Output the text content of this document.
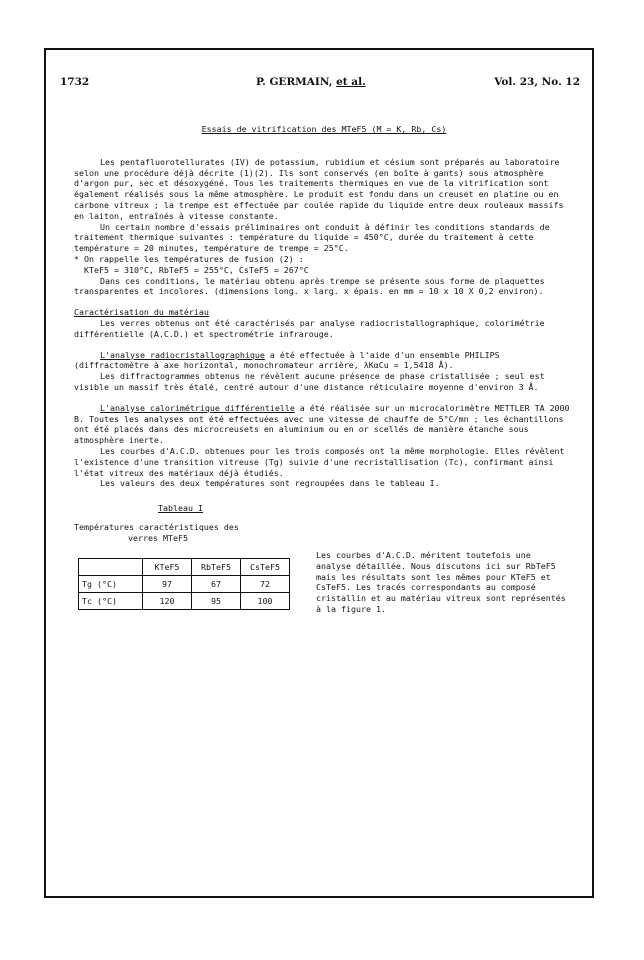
1732	P. GERMAIN, et al.	Vol. 23, No. 12

Essais de vitrification des MTeF5 (M = K, Rb, Cs)

Les pentafluorotellurates (IV) de potassium, rubidium et césium sont préparés au laboratoire selon une procédure déjà décrite (1)(2). Ils sont conservés (en boîte à gants) sous atmosphère d'argon pur, sec et désoxygéné. Tous les traitements thermiques en vue de la vitrification sont également réalisés sous la même atmosphère. Le produit est fondu dans un creuset en platine ou en carbone vitreux ; la trempe est effectuée par coulée rapide du liquide entre deux rouleaux massifs en laiton, entraînés à vitesse constante.

Un certain nombre d'essais préliminaires ont conduit à définir les conditions standards de traitement thermique suivantes : température du liquide = 450°C, durée du traitement à cette température = 20 minutes, température de trempe = 25°C.

* On rappelle les températures de fusion (2) :

KTeF5 = 310°C, RbTeF5 = 255°C, CsTeF5 = 267°C

Dans ces conditions, le matériau obtenu après trempe se présente sous forme de plaquettes transparentes et incolores. (dimensions long. x larg. x épais. en mm = 10 x 10 X 0,2 environ).

Caractérisation du matériau

Les verres obtenus ont été caractérisés par analyse radiocristallographique, colorimétrie différentielle (A.C.D.) et spectrométrie infrarouge.

L'analyse radiocristallographique a été effectuée à l'aide d'un ensemble PHILIPS (diffractomètre à axe horizontal, monochromateur arrière, λKαCu = 1,5418 Å).

Les diffractogrammes obtenus ne révèlent aucune présence de phase cristallisée ; seul est visible un massif très étalé, centré autour d'une distance réticulaire moyenne d'environ 3 Å.

L'analyse calorimétrique différentielle a été réalisée sur un microcalorimètre METTLER TA 2000 B. Toutes les analyses ont été effectuées avec une vitesse de chauffe de 5°C/mn ; les échantillons ont été placés dans des microcreusets en aluminium ou en or scellés de manière étanche sous atmosphère inerte.

Les courbes d'A.C.D. obtenues pour les trois composés ont la même morphologie. Elles révèlent l'existence d'une transition vitreuse (Tg) suivie d'une recristallisation (Tc), confirmant ainsi l'état vitreux des matériaux déjà étudiés.

Les valeurs des deux températures sont regroupées dans le tableau I.

Tableau I

Températures caractéristiques des
verres MTeF5
	KTeF5	RbTeF5	CsTeF5
Tg (°C)	97	67	72
Tc (°C)	120	95	100

Les courbes d'A.C.D. méritent toutefois une analyse détaillée. Nous discutons ici sur RbTeF5 mais les résultats sont les mêmes pour KTeF5 et CsTeF5. Les tracés correspondants au composé cristallin et au matériau vitreux sont représentés à la figure 1.
